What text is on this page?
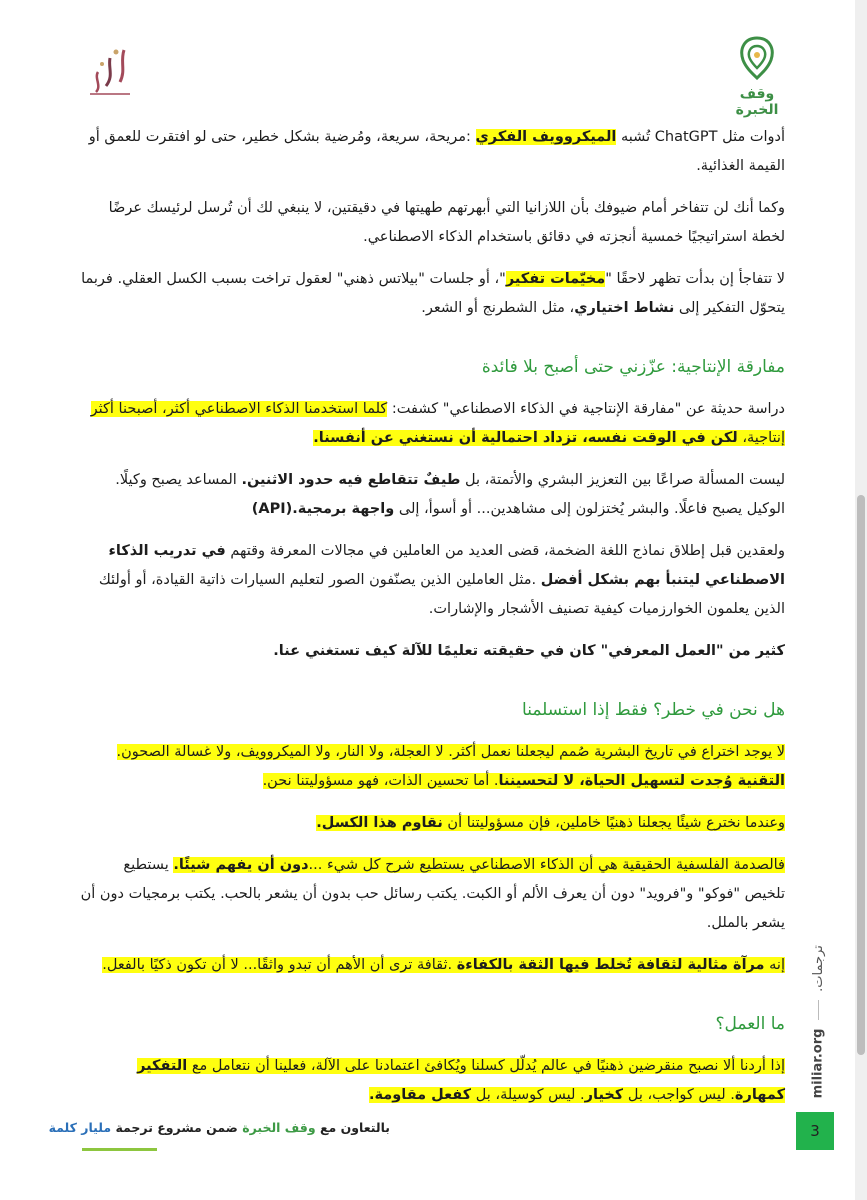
وقف الخبرة

أدوات مثل ChatGPT تُشبه الميكروويف الفكري :مريحة، سريعة، ومُرضية بشكل خطير، حتى لو افتقرت للعمق أو القيمة الغذائية.

وكما أنك لن تتفاخر أمام ضيوفك بأن اللازانيا التي أبهرتهم طهيتها في دقيقتين، لا ينبغي لك أن تُرسل لرئيسك عرضًا لخطة استراتيجيًا خمسية أنجزته في دقائق باستخدام الذكاء الاصطناعي.

لا تتفاجأ إن بدأت تظهر لاحقًا "مخيّمات تفكير"، أو جلسات "بيلاتس ذهني" لعقول تراخت بسبب الكسل العقلي. فربما يتحوّل التفكير إلى نشاط اختياري، مثل الشطرنج أو الشعر.

مفارقة الإنتاجية: عزّزني حتى أصبح بلا فائدة

دراسة حديثة عن "مفارقة الإنتاجية في الذكاء الاصطناعي" كشفت: كلما استخدمنا الذكاء الاصطناعي أكثر، أصبحنا أكثر إنتاجية، لكن في الوقت نفسه، تزداد احتمالية أن نستغني عن أنفسنا.

ليست المسألة صراعًا بين التعزيز البشري والأتمتة، بل طيفٌ تتقاطع فيه حدود الاثنين. المساعد يصبح وكيلًا. الوكيل يصبح فاعلًا. والبشر يُختزلون إلى مشاهدين... أو أسوأ، إلى واجهة برمجية.(API)

ولعقدين قبل إطلاق نماذج اللغة الضخمة، قضى العديد من العاملين في مجالات المعرفة وقتهم في تدريب الذكاء الاصطناعي ليتنبأ بهم بشكل أفضل .مثل العاملين الذين يصنّفون الصور لتعليم السيارات ذاتية القيادة، أو أولئك الذين يعلمون الخوارزميات كيفية تصنيف الأشجار والإشارات.

كثير من "العمل المعرفي" كان في حقيقته تعليمًا للآلة كيف تستغني عنا.

هل نحن في خطر؟ فقط إذا استسلمنا

لا يوجد اختراع في تاريخ البشرية صُمم ليجعلنا نعمل أكثر. لا العجلة، ولا النار، ولا الميكروويف، ولا غسالة الصحون. التقنية وُجدت لتسهيل الحياة، لا لتحسيننا. أما تحسين الذات، فهو مسؤوليتنا نحن.

وعندما نخترع شيئًا يجعلنا ذهنيًا خاملين، فإن مسؤوليتنا أن نقاوم هذا الكسل.

فالصدمة الفلسفية الحقيقية هي أن الذكاء الاصطناعي يستطيع شرح كل شيء ...دون أن يفهم شيئًا. يستطيع تلخيص "فوكو" و"فرويد" دون أن يعرف الألم أو الكبت. يكتب رسائل حب بدون أن يشعر بالحب. يكتب برمجيات دون أن يشعر بالملل.

إنه مرآة مثالية لثقافة تُخلط فيها الثقة بالكفاءة .ثقافة ترى أن الأهم أن تبدو واثقًا... لا أن تكون ذكيًا بالفعل.

ما العمل؟

إذا أردنا ألا نصبح منقرضين ذهنيًا في عالم يُدلّل كسلنا ويُكافئ اعتمادنا على الآلة، فعلينا أن نتعامل مع التفكير كمهارة. ليس كواجب، بل كخيار. ليس كوسيلة، بل كفعل مقاومة.

ترجمات.
miliar.org
3
بالتعاون مع وقف الخبرة ضمن مشروع ترجمة مليار كلمة
